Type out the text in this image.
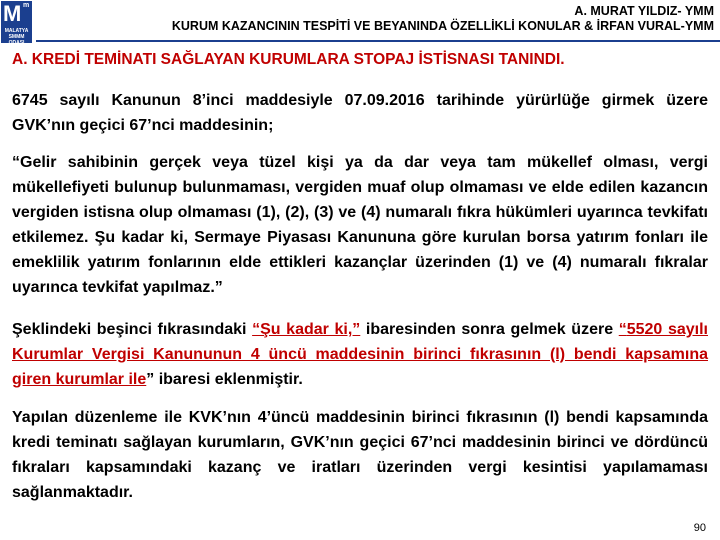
M m
MALATYA SMMM ODASI
A. MURAT YILDIZ- YMM
KURUM KAZANCININ TESPİTİ VE BEYANINDA ÖZELLİKLİ KONULAR & İRFAN VURAL-YMM
A. KREDİ TEMİNATI SAĞLAYAN KURUMLARA STOPAJ İSTİSNASI TANINDI.
6745 sayılı Kanunun 8’inci maddesiyle 07.09.2016 tarihinde yürürlüğe girmek üzere GVK’nın geçici 67’nci maddesinin;
“Gelir sahibinin gerçek veya tüzel kişi ya da dar veya tam mükellef olması, vergi mükellefiyeti bulunup bulunmaması, vergiden muaf olup olmaması ve elde edilen kazancın vergiden istisna olup olmaması (1), (2), (3) ve (4) numaralı fıkra hükümleri uyarınca tevkifatı etkilemez. Şu kadar ki, Sermaye Piyasası Kanununa göre kurulan borsa yatırım fonları ile emeklilik yatırım fonlarının elde ettikleri kazançlar üzerinden (1) ve (4) numaralı fıkralar uyarınca tevkifat yapılmaz.”
Şeklindeki beşinci fıkrasındaki “Şu kadar ki,” ibaresinden sonra gelmek üzere “5520 sayılı Kurumlar Vergisi Kanununun 4 üncü maddesinin birinci fıkrasının (l) bendi kapsamına giren kurumlar ile” ibaresi eklenmiştir.
Yapılan düzenleme ile KVK’nın 4’üncü maddesinin birinci fıkrasının (l) bendi kapsamında kredi teminatı sağlayan kurumların, GVK’nın geçici 67’nci maddesinin birinci ve dördüncü fıkraları kapsamındaki kazanç ve iratları üzerinden vergi kesintisi yapılamaması sağlanmaktadır.
90
